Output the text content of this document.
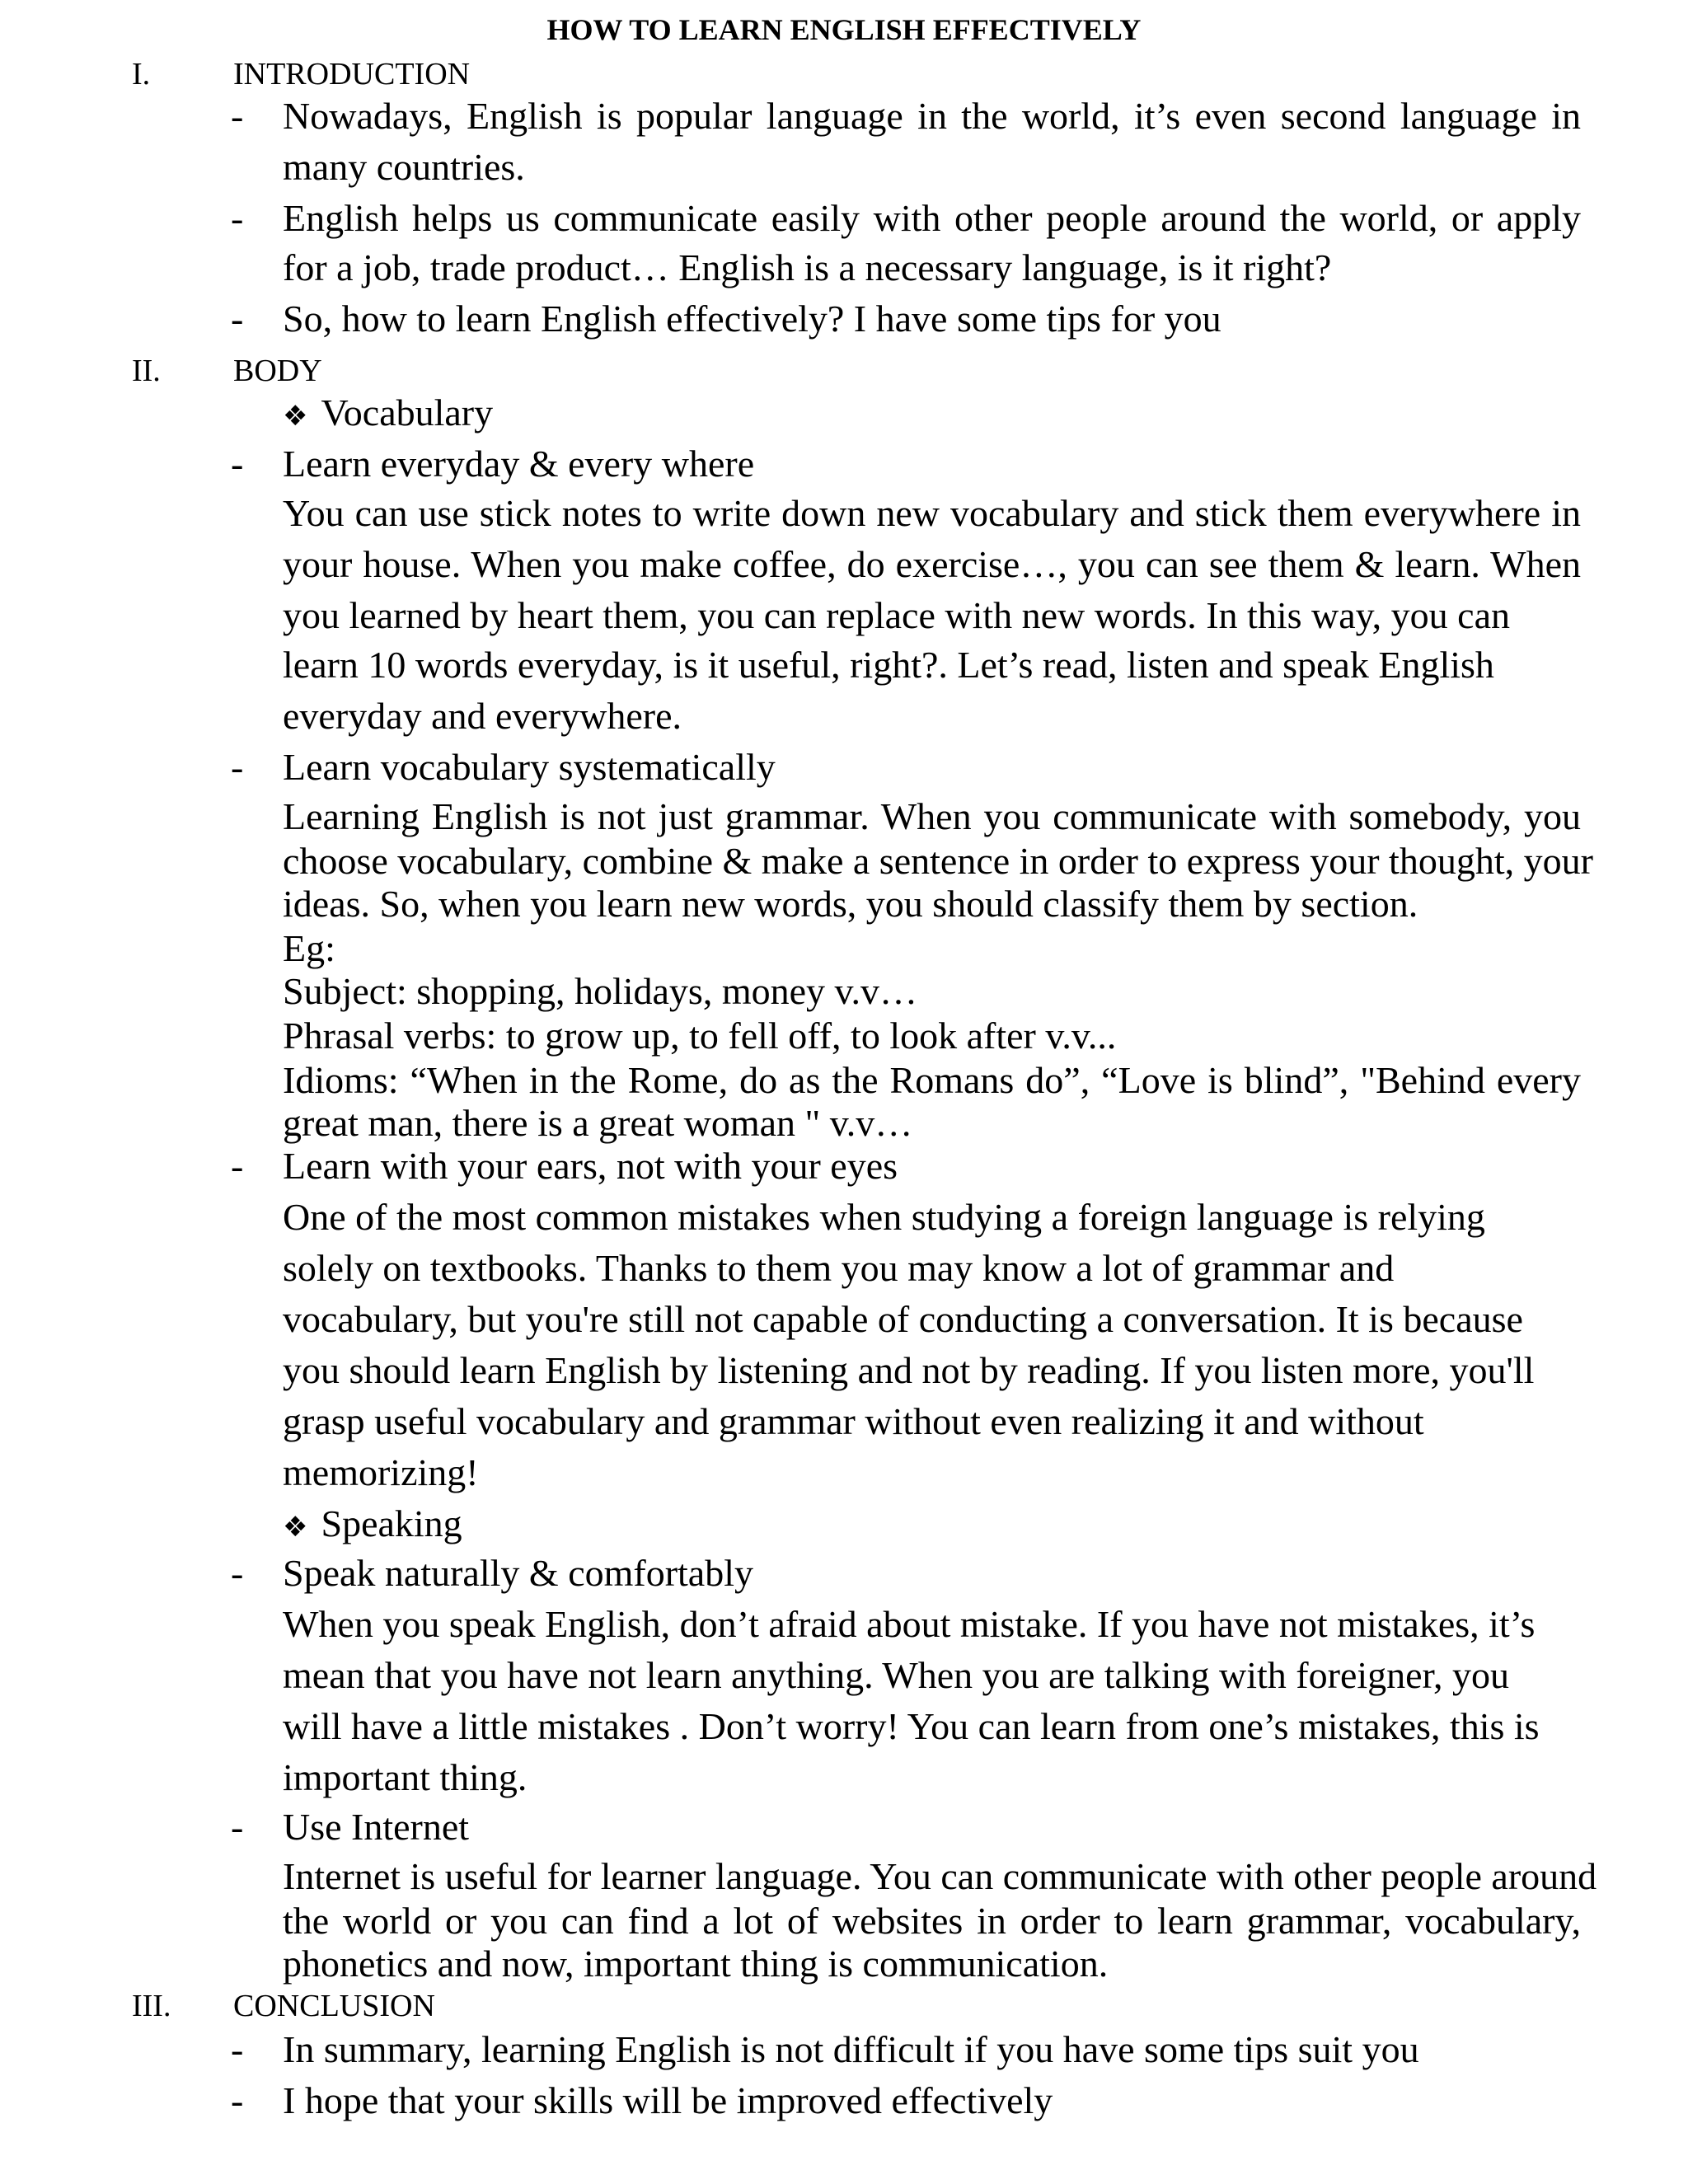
HOW TO LEARN ENGLISH EFFECTIVELY
I.	INTRODUCTION
- Nowadays, English is popular language in the world, it’s even second language in
many countries.
- English helps us communicate easily with other people around the world, or apply
for a job, trade product… English is a necessary language, is it right?
- So, how to learn English effectively? I have some tips for you
II. BODY
❖ Vocabulary
- Learn everyday & every where
You can use stick notes to write down new vocabulary and stick them everywhere in
your house. When you make coffee, do exercise…, you can see them & learn. When
you learned by heart them, you can replace with new words. In this way, you can
learn 10 words everyday, is it useful, right?. Let’s read, listen and speak English
everyday and everywhere.
- Learn vocabulary systematically
Learning English is not just grammar. When you communicate with somebody, you
choose vocabulary, combine & make a sentence in order to express your thought, your
ideas. So, when you learn new words, you should classify them by section.
Eg:
Subject: shopping, holidays, money v.v…
Phrasal verbs: to grow up, to fell off, to look after v.v...
Idioms: “When in the Rome, do as the Romans do”, “Love is blind”, "Behind every
great man, there is a great woman " v.v…
- Learn with your ears, not with your eyes
One of the most common mistakes when studying a foreign language is relying
solely on textbooks. Thanks to them you may know a lot of grammar and
vocabulary, but you're still not capable of conducting a conversation. It is because
you should learn English by listening and not by reading. If you listen more, you'll
grasp useful vocabulary and grammar without even realizing it and without
memorizing!
❖ Speaking
- Speak naturally & comfortably
When you speak English, don’t afraid about mistake. If you have not mistakes, it’s
mean that you have not learn anything. When you are talking with foreigner, you
will have a little mistakes . Don’t worry! You can learn from one’s mistakes, this is
important thing.
- Use Internet
Internet is useful for learner language. You can communicate with other people around
the world or you can find a lot of websites in order to learn grammar, vocabulary,
phonetics and now, important thing is communication.
III. CONCLUSION
- In summary, learning English is not difficult if you have some tips suit you
- I hope that your skills will be improved effectively
